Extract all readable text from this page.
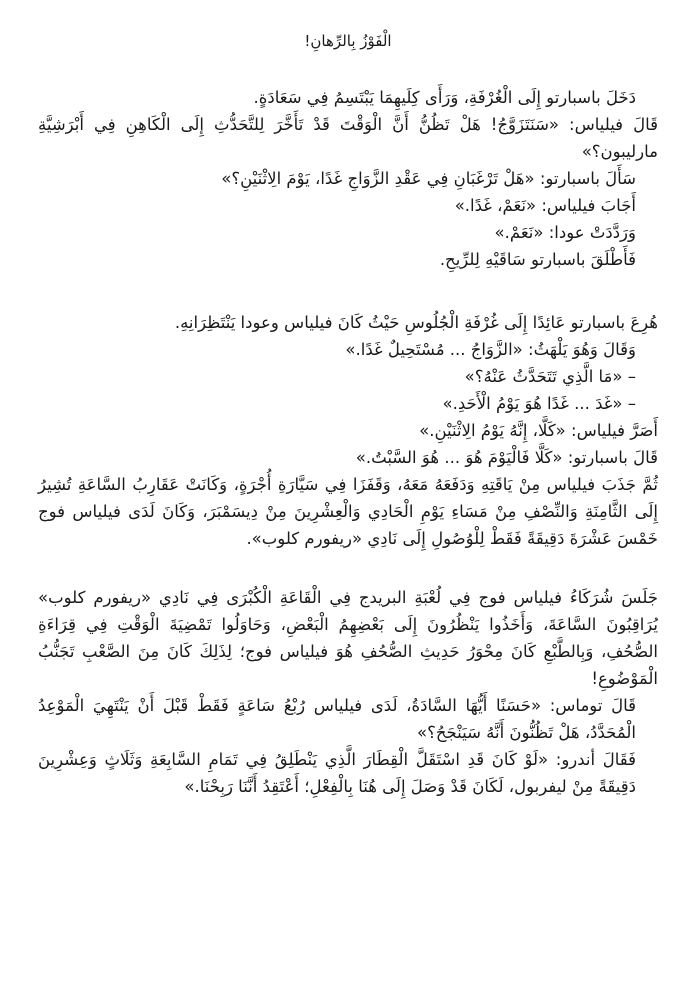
الْفَوْزُ بِالرِّهانِ!

دَخَلَ باسبارتو إِلَى الْغُرْفَةِ، وَرَأَى كِلَيهِمَا يَبْتَسِمُ فِي سَعَادَةٍ.

قَالَ فيلياس: «سَنَتَزَوَّجُ! هَلْ تَظُنُّ أَنَّ الْوَقْتَ قَدْ تَأَخَّرَ لِلتَّحَدُّثِ إِلَى الْكَاهِنِ فِي أَبْرَشِيَّةِ مارليبون؟»

سَأَلَ باسبارتو: «هَلْ تَرْغَبَانِ فِي عَقْدِ الزَّوَاجِ غَدًا، يَوْمَ الِاثْنَيْنِ؟»

أَجَابَ فيلياس: «نَعَمْ، غَدًا.»

وَرَدَّدَتْ عودا: «نَعَمْ.»

فَأَطْلَقَ باسبارتو سَاقَيْهِ لِلرِّيحِ.

هُرِعَ باسبارتو عَائِدًا إِلَى غُرْفَةِ الْجُلُوسِ حَيْثُ كَانَ فيلياس وعودا يَنْتَظِرَانِهِ.

وَقَالَ وَهُوَ يَلْهَثُ: «الزَّوَاجُ ... مُسْتَحِيلٌ غَدًا.»

– «مَا الَّذِي تَتَحَدَّثُ عَنْهُ؟»

– «غَدَ ... غَدًا هُوَ يَوْمُ الْأَحَدِ.»

أَصَرَّ فيلياس: «كَلَّا، إِنَّهُ يَوْمُ الِاثْنَيْنِ.»

قَالَ باسبارتو: «كَلَّا فَالْيَوْمَ هُوَ ... هُوَ السَّبْتُ.»

ثُمَّ جَذَبَ فيلياس مِنْ يَاقَتِهِ وَدَفَعَهُ مَعَهُ، وَقَفَزَا فِي سَيَّارَةِ أُجْرَةٍ، وَكَانَتْ عَقَارِبُ السَّاعَةِ تُشِيرُ إِلَى الثَّامِنَةِ وَالنِّصْفِ مِنْ مَسَاءِ يَوْمِ الْحَادِي وَالْعِشْرِينَ مِنْ دِيسَمْبَرَ، وَكَانَ لَدَى فيلياس فوج خَمْسَ عَشْرَةَ دَقِيقَةً فَقَطْ لِلْوُصُولِ إِلَى نَادِي «ريفورم كلوب».

جَلَسَ شُرَكَاءُ فيلياس فوج فِي لُعْبَةِ البريدج فِي الْقَاعَةِ الْكُبْرَى فِي نَادِي «ريفورم كلوب» يُرَاقِبُونَ السَّاعَةَ، وَأَخَذُوا يَنْظُرُونَ إِلَى بَعْضِهِمُ الْبَعْضِ، وَحَاوَلُوا تَمْضِيَةَ الْوَقْتِ فِي قِرَاءَةِ الصُّحُفِ، وَبِالطَّبْعِ كَانَ مِحْوَرُ حَدِيثِ الصُّحُفِ هُوَ فيلياس فوج؛ لِذَلِكَ كَانَ مِنَ الصَّعْبِ تَجَنُّبُ الْمَوْضُوعِ!

قَالَ توماس: «حَسَنًا أَيُّهَا السَّادَةُ، لَدَى فيلياس رُبْعُ سَاعَةٍ فَقَطْ قَبْلَ أَنْ يَنْتَهِيَ الْمَوْعِدُ الْمُحَدَّدُ، هَلْ تَظُنُّونَ أَنَّهُ سَيَنْجَحُ؟»

فَقَالَ أندرو: «لَوْ كَانَ قَدِ اسْتَقَلَّ الْقِطَارَ الَّذِي يَنْطَلِقُ فِي تَمَامِ السَّابِعَةِ وَثَلَاثٍ وَعِشْرِينَ دَقِيقَةً مِنْ ليفربول، لَكَانَ قَدْ وَصَلَ إِلَى هُنَا بِالْفِعْلِ؛ أَعْتَقِدُ أَنَّنَا رَبِحْنَا.»
